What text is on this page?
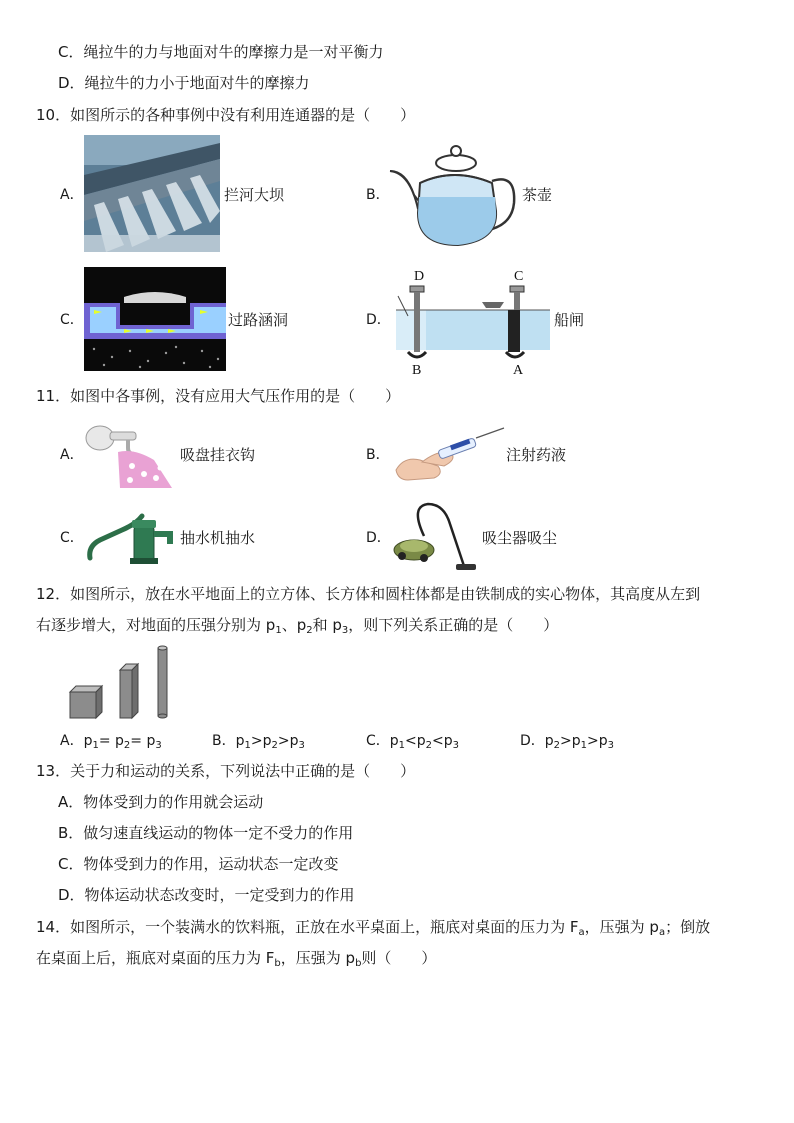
C．绳拉牛的力与地面对牛的摩擦力是一对平衡力
D．绳拉牛的力小于地面对牛的摩擦力
10．如图所示的各种事例中没有利用连通器的是（　　）
A．	拦河大坝	B．	茶壶
C．	过路涵洞	D．
D	C
B	A
船闸
11．如图中各事例，没有应用大气压作用的是（　　）
A．	吸盘挂衣钩	B．	注射药液
C．	抽水机抽水	D．	吸尘器吸尘
12．如图所示，放在水平地面上的立方体、长方体和圆柱体都是由铁制成的实心物体，其高度从左到
右逐步增大，对地面的压强分别为 $p_1$、$p_2$和 $p_3$，则下列关系正确的是（　　）
A．$p_1= p_2= p_3$	B．$p_1>p_2>p_3$	C．$p_1<p_2<p_3$	D．$p_2>p_1>p_3$
13．关于力和运动的关系，下列说法中正确的是（　　）
A．物体受到力的作用就会运动
B．做匀速直线运动的物体一定不受力的作用
C．物体受到力的作用，运动状态一定改变
D．物体运动状态改变时，一定受到力的作用
14．如图所示，一个装满水的饮料瓶，正放在水平桌面上，瓶底对桌面的压力为 $F_a$，压强为 $p_a$；倒放
在桌面上后，瓶底对桌面的压力为 $F_b$，压强为 $p_b$则（　　）
